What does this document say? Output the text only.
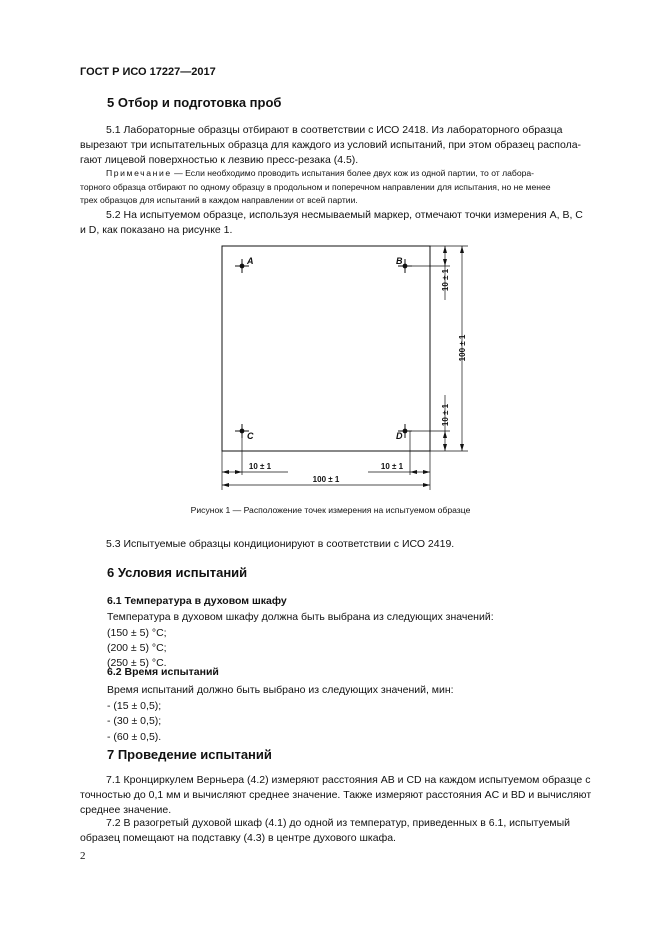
ГОСТ Р ИСО 17227—2017
5 Отбор и подготовка проб
5.1 Лабораторные образцы отбирают в соответствии с ИСО 2418. Из лабораторного образца
вырезают три испытательных образца для каждого из условий испытаний, при этом образец распола-
гают лицевой поверхностью к лезвию пресс-резака (4.5).
Примечание — Если необходимо проводить испытания более двух кож из одной партии, то от лабора-
торного образца отбирают по одному образцу в продольном и поперечном направлении для испытания, но не менее
трех образцов для испытаний в каждом направлении от всей партии.
5.2 На испытуемом образце, используя несмываемый маркер, отмечают точки измерения A, B, C
и D, как показано на рисунке 1.
A	B
C	D
10 ± 1
10 ± 1
100 ± 1
10 ± 1	10 ± 1
100 ± 1
Рисунок 1 — Расположение точек измерения на испытуемом образце
5.3 Испытуемые образцы кондиционируют в соответствии с ИСО 2419.
6 Условия испытаний
6.1 Температура в духовом шкафу
Температура в духовом шкафу должна быть выбрана из следующих значений:
(150 ± 5) °С;
(200 ± 5) °С;
(250 ± 5) °С.
6.2 Время испытаний
Время испытаний должно быть выбрано из следующих значений, мин:
- (15 ± 0,5);
- (30 ± 0,5);
- (60 ± 0,5).
7 Проведение испытаний
7.1 Кронциркулем Верньера (4.2) измеряют расстояния AB и CD на каждом испытуемом образце с
точностью до 0,1 мм и вычисляют среднее значение. Также измеряют расстояния AC и BD и вычисляют
среднее значение.
7.2 В разогретый духовой шкаф (4.1) до одной из температур, приведенных в 6.1, испытуемый
образец помещают на подставку (4.3) в центре духового шкафа.
2
